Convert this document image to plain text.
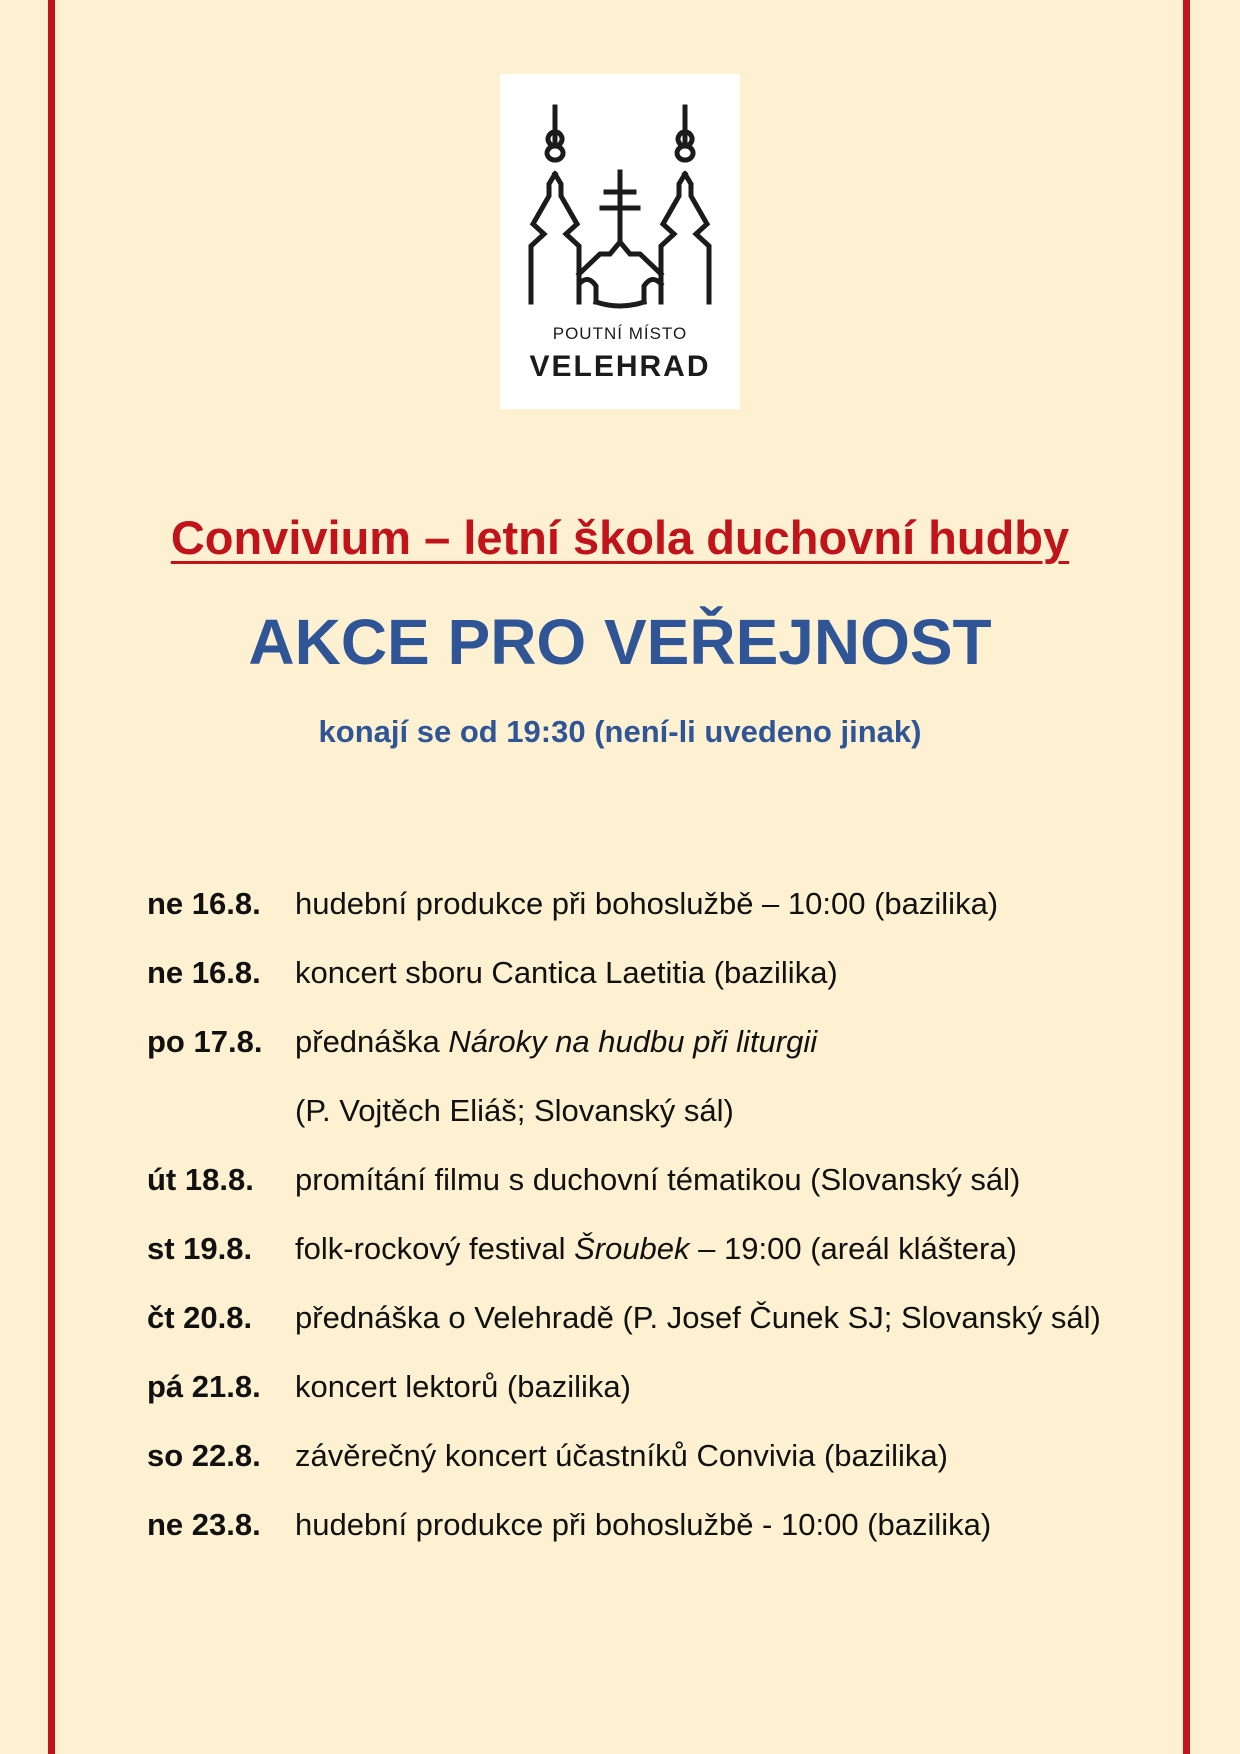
POUTNÍ MÍSTO
VELEHRAD
Convivium – letní škola duchovní hudby
AKCE PRO VEŘEJNOST
konají se od 19:30 (není-li uvedeno jinak)
ne 16.8. hudební produkce při bohoslužbě – 10:00 (bazilika)
ne 16.8. koncert sboru Cantica Laetitia (bazilika)
po 17.8. přednáška Nároky na hudbu při liturgii
(P. Vojtěch Eliáš; Slovanský sál)
út 18.8. promítání filmu s duchovní tématikou (Slovanský sál)
st 19.8. folk-rockový festival Šroubek – 19:00 (areál kláštera)
čt 20.8. přednáška o Velehradě (P. Josef Čunek SJ; Slovanský sál)
pá 21.8. koncert lektorů (bazilika)
so 22.8. závěrečný koncert účastníků Convivia (bazilika)
ne 23.8. hudební produkce při bohoslužbě - 10:00 (bazilika)
